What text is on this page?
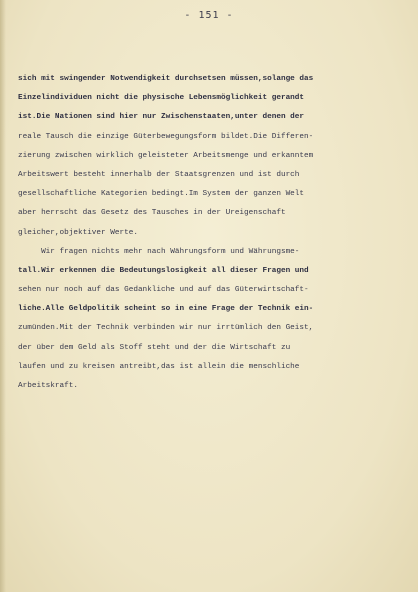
- 151 -
sich mit swingender Notwendigkeit durchsetsen müssen,solange das
Einzelindividuen nicht die physische Lebensmöglichkeit gerandt
ist.Die Nationen sind hier nur Zwischenstaaten,unter denen der
reale Tausch die einzige Güterbewegungsform bildet.Die Differen-
zierung zwischen wirklich geleisteter Arbeitsmenge und erkanntem
Arbeitswert besteht innerhalb der Staatsgrenzen und ist durch
gesellschaftliche Kategorien bedingt.Im System der ganzen Welt
aber herrscht das Gesetz des Tausches in der Ureigenschaft
gleicher,objektiver Werte.
Wir fragen nichts mehr nach Währungsform und Währungsme-
tall.Wir erkennen die Bedeutungslosigkeit all dieser Fragen und
sehen nur noch auf das Gedankliche und auf das Güterwirtschaft-
liche.Alle Geldpolitik scheint so in eine Frage der Technik ein-
zumünden.Mit der Technik verbinden wir nur irrtümlich den Geist,
der über dem Geld als Stoff steht und der die Wirtschaft zu
laufen und zu kreisen antreibt,das ist allein die menschliche
Arbeitskraft.
